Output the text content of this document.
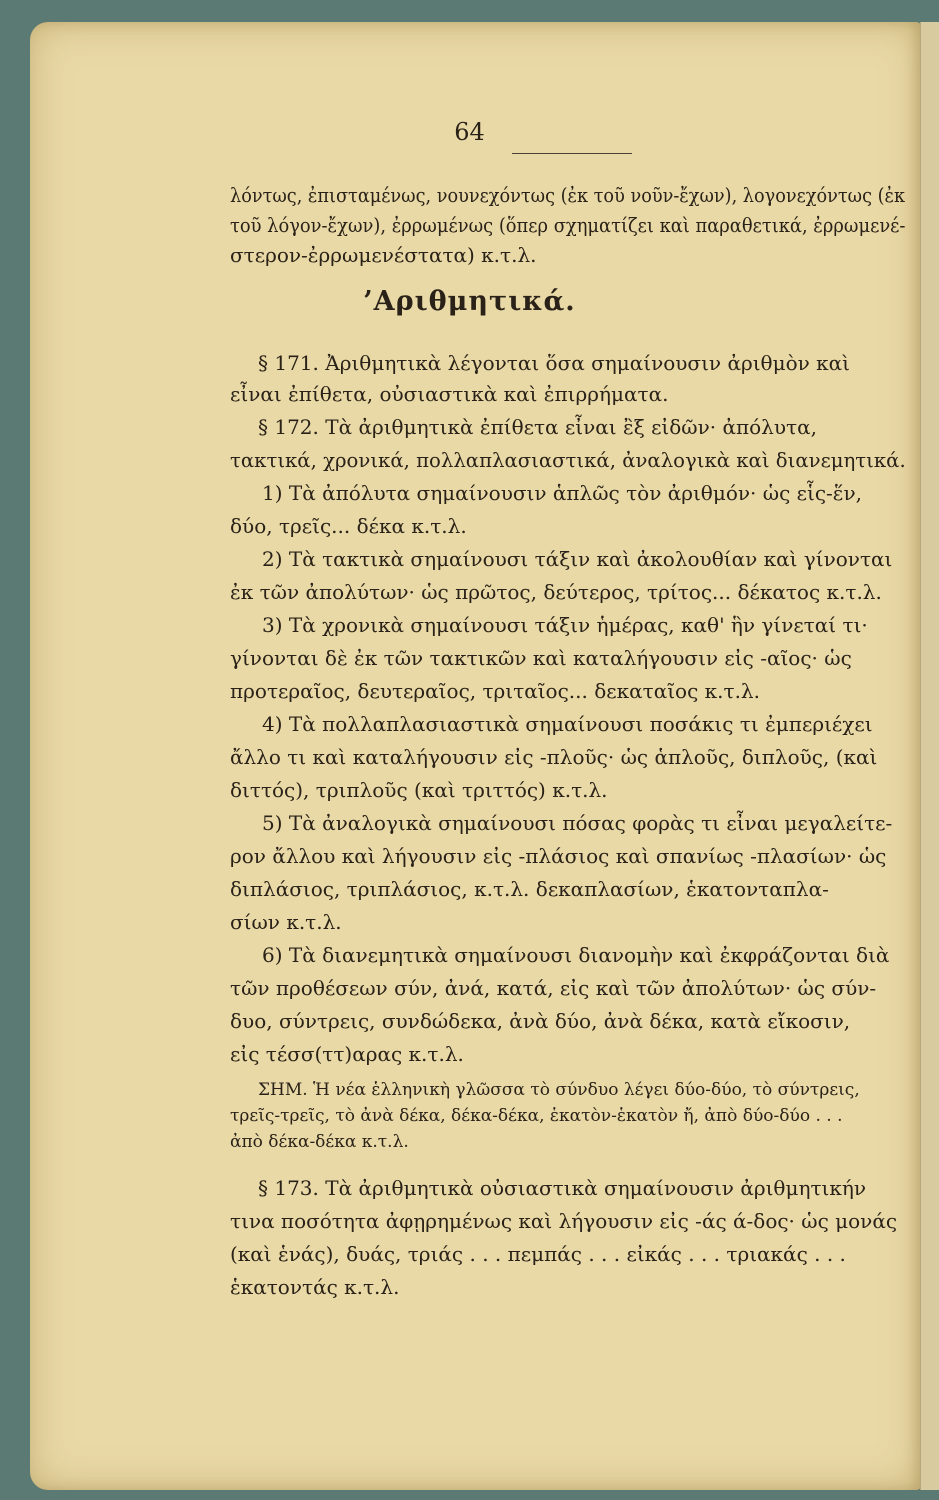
64
’Αριθμητικά.
λόντως, ἐπισταμένως, νουνεχόντως (ἐκ τοῦ νοῦν-ἔχων), λογονεχόντως (ἐκ
τοῦ λόγον-ἔχων), ἐρρωμένως (ὅπερ σχηματίζει καὶ παραθετικά, ἐρρωμενέ-
στερον-ἐρρωμενέστατα) κ.τ.λ.
§ 171. Ἀριθμητικὰ λέγονται ὅσα σημαίνουσιν ἀριθμὸν καὶ
εἶναι ἐπίθετα, οὐσιαστικὰ καὶ ἐπιρρήματα.
§ 172. Τὰ ἀριθμητικὰ ἐπίθετα εἶναι ἒξ εἰδῶν· ἀπόλυτα,
τακτικά, χρονικά, πολλαπλασιαστικά, ἀναλογικὰ καὶ διανεμητικά.
1) Τὰ ἀπόλυτα σημαίνουσιν ἁπλῶς τὸν ἀριθμόν· ὡς εἷς-ἕν,
δύο, τρεῖς... δέκα κ.τ.λ.
2) Τὰ τακτικὰ σημαίνουσι τάξιν καὶ ἀκολουθίαν καὶ γίνονται
ἐκ τῶν ἀπολύτων· ὡς πρῶτος, δεύτερος, τρίτος... δέκατος κ.τ.λ.
3) Τὰ χρονικὰ σημαίνουσι τάξιν ἡμέρας, καθ' ἣν γίνεταί τι·
γίνονται δὲ ἐκ τῶν τακτικῶν καὶ καταλήγουσιν εἰς -αῖος· ὡς
προτεραῖος, δευτεραῖος, τριταῖος... δεκαταῖος κ.τ.λ.
4) Τὰ πολλαπλασιαστικὰ σημαίνουσι ποσάκις τι ἐμπεριέχει
ἄλλο τι καὶ καταλήγουσιν εἰς -πλοῦς· ὡς ἁπλοῦς, διπλοῦς, (καὶ
διττός), τριπλοῦς (καὶ τριττός) κ.τ.λ.
5) Τὰ ἀναλογικὰ σημαίνουσι πόσας φορὰς τι εἶναι μεγαλείτε-
ρον ἄλλου καὶ λήγουσιν εἰς -πλάσιος καὶ σπανίως -πλασίων· ὡς
διπλάσιος, τριπλάσιος, κ.τ.λ. δεκαπλασίων, ἑκατονταπλα-
σίων κ.τ.λ.
6) Τὰ διανεμητικὰ σημαίνουσι διανομὴν καὶ ἐκφράζονται διὰ
τῶν προθέσεων σύν, ἀνά, κατά, εἰς καὶ τῶν ἀπολύτων· ὡς σύν-
δυο, σύντρεις, συνδώδεκα, ἀνὰ δύο, ἀνὰ δέκα, κατὰ εἴκοσιν,
εἰς τέσσ(ττ)αρας κ.τ.λ.
ΣΗΜ. Ἡ νέα ἑλληνικὴ γλῶσσα τὸ σύνδυο λέγει δύο-δύο, τὸ σύντρεις,
τρεῖς-τρεῖς, τὸ ἀνὰ δέκα, δέκα-δέκα, ἑκατὸν-ἑκατὸν ἤ, ἀπὸ δύο-δύο . . .
ἀπὸ δέκα-δέκα κ.τ.λ.
§ 173. Τὰ ἀριθμητικὰ οὐσιαστικὰ σημαίνουσιν ἀριθμητικήν
τινα ποσότητα ἀφῃρημένως καὶ λήγουσιν εἰς -άς ά-δος· ὡς μονάς
(καὶ ἑνάς), δυάς, τριάς . . . πεμπάς . . . εἰκάς . . . τριακάς . . .
ἑκατοντάς κ.τ.λ.
